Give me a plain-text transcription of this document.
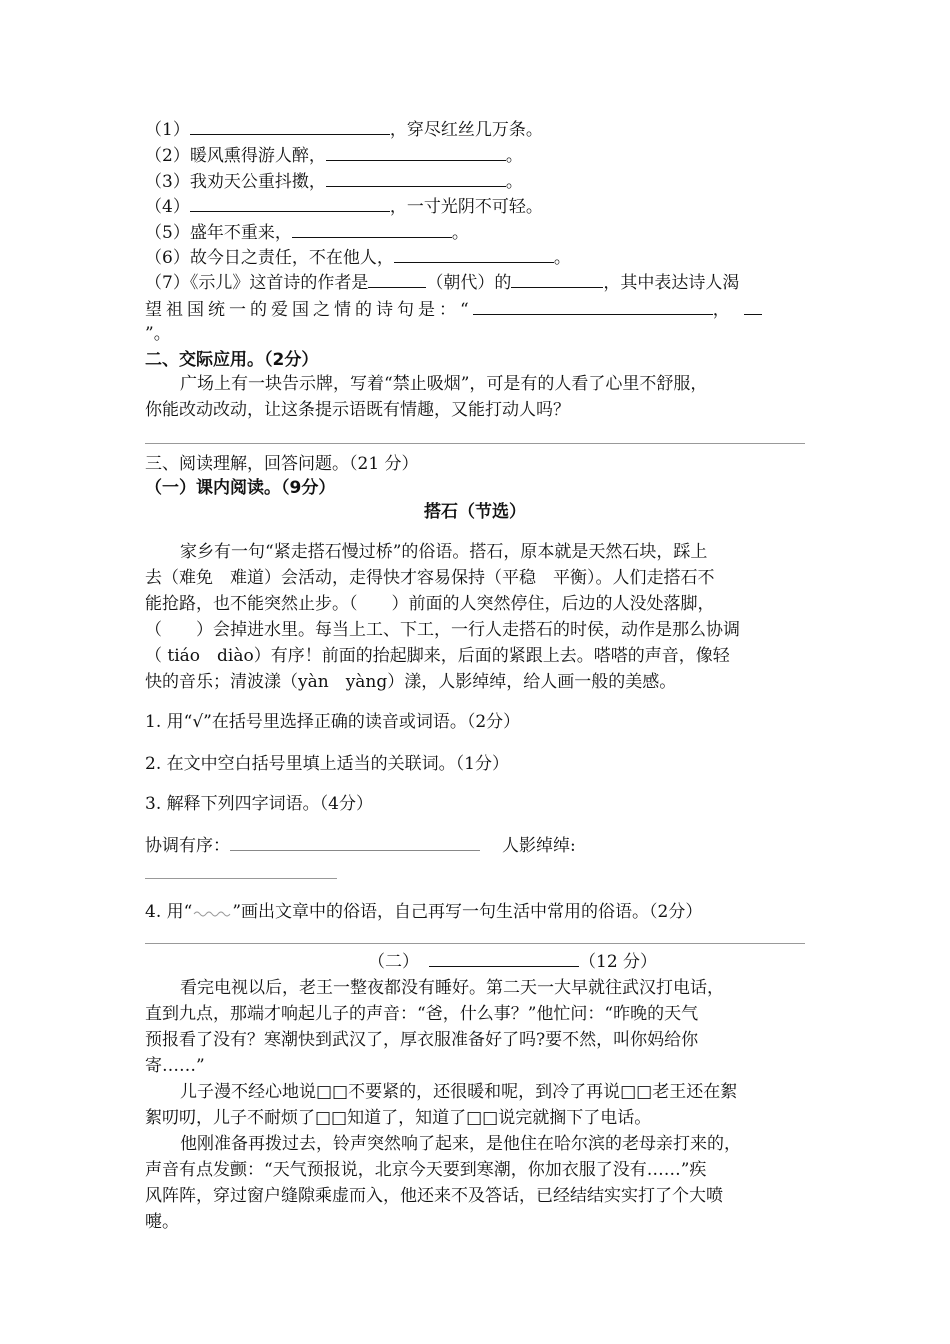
（1）	，穿尽红丝几万条。
（2）暖风熏得游人醉，	。
（3）我劝天公重抖擞，	。
（4）	，一寸光阴不可轻。
（5）盛年不重来，	。
（6）故今日之责任，不在他人，	。
（7）《示儿》这首诗的作者是	（朝代）的	，其中表达诗人渴
望祖国统一的爱国之情的诗句是：“	，
”。
二、交际应用。（2分）
广场上有一块告示牌，写着“禁止吸烟”，可是有的人看了心里不舒服，
你能改动改动，让这条提示语既有情趣，又能打动人吗？
三、阅读理解，回答问题。（21 分）
（一）课内阅读。（9分）
搭石（节选）
家乡有一句“紧走搭石慢过桥”的俗语。搭石，原本就是天然石块，踩上
去（难免　难道）会活动，走得快才容易保持（平稳　平衡）。人们走搭石不
能抢路，也不能突然止步。（　　）前面的人突然停住，后边的人没处落脚，
（　　）会掉进水里。每当上工、下工，一行人走搭石的时侯，动作是那么协调
（ tiáo　diào）有序！前面的抬起脚来，后面的紧跟上去。嗒嗒的声音，像轻
快的音乐；清波漾（yàn　yàng）漾，人影绰绰，给人画一般的美感。
1. 用“√”在括号里选择正确的读音或词语。（2分）
2. 在文中空白括号里填上适当的关联词。（1分）
3. 解释下列四字词语。（4分）
协调有序：	人影绰绰:
4. 用“ ”画出文章中的俗语，自己再写一句生活中常用的俗语。（2分）
（二）	（12 分）
看完电视以后，老王一整夜都没有睡好。第二天一大早就往武汉打电话，
直到九点，那端才响起儿子的声音：“爸，什么事？”他忙问：“昨晚的天气
预报看了没有？寒潮快到武汉了，厚衣服准备好了吗?要不然，叫你妈给你
寄……”
儿子漫不经心地说□□不要紧的，还很暖和呢，到冷了再说□□老王还在絮
絮叨叨，儿子不耐烦了□□知道了，知道了□□说完就搁下了电话。
他刚准备再拨过去，铃声突然响了起来，是他住在哈尔滨的老母亲打来的，
声音有点发颤：“天气预报说，北京今天要到寒潮，你加衣服了没有……”疾
风阵阵，穿过窗户缝隙乘虚而入，他还来不及答话，已经结结实实打了个大喷
嚏。
